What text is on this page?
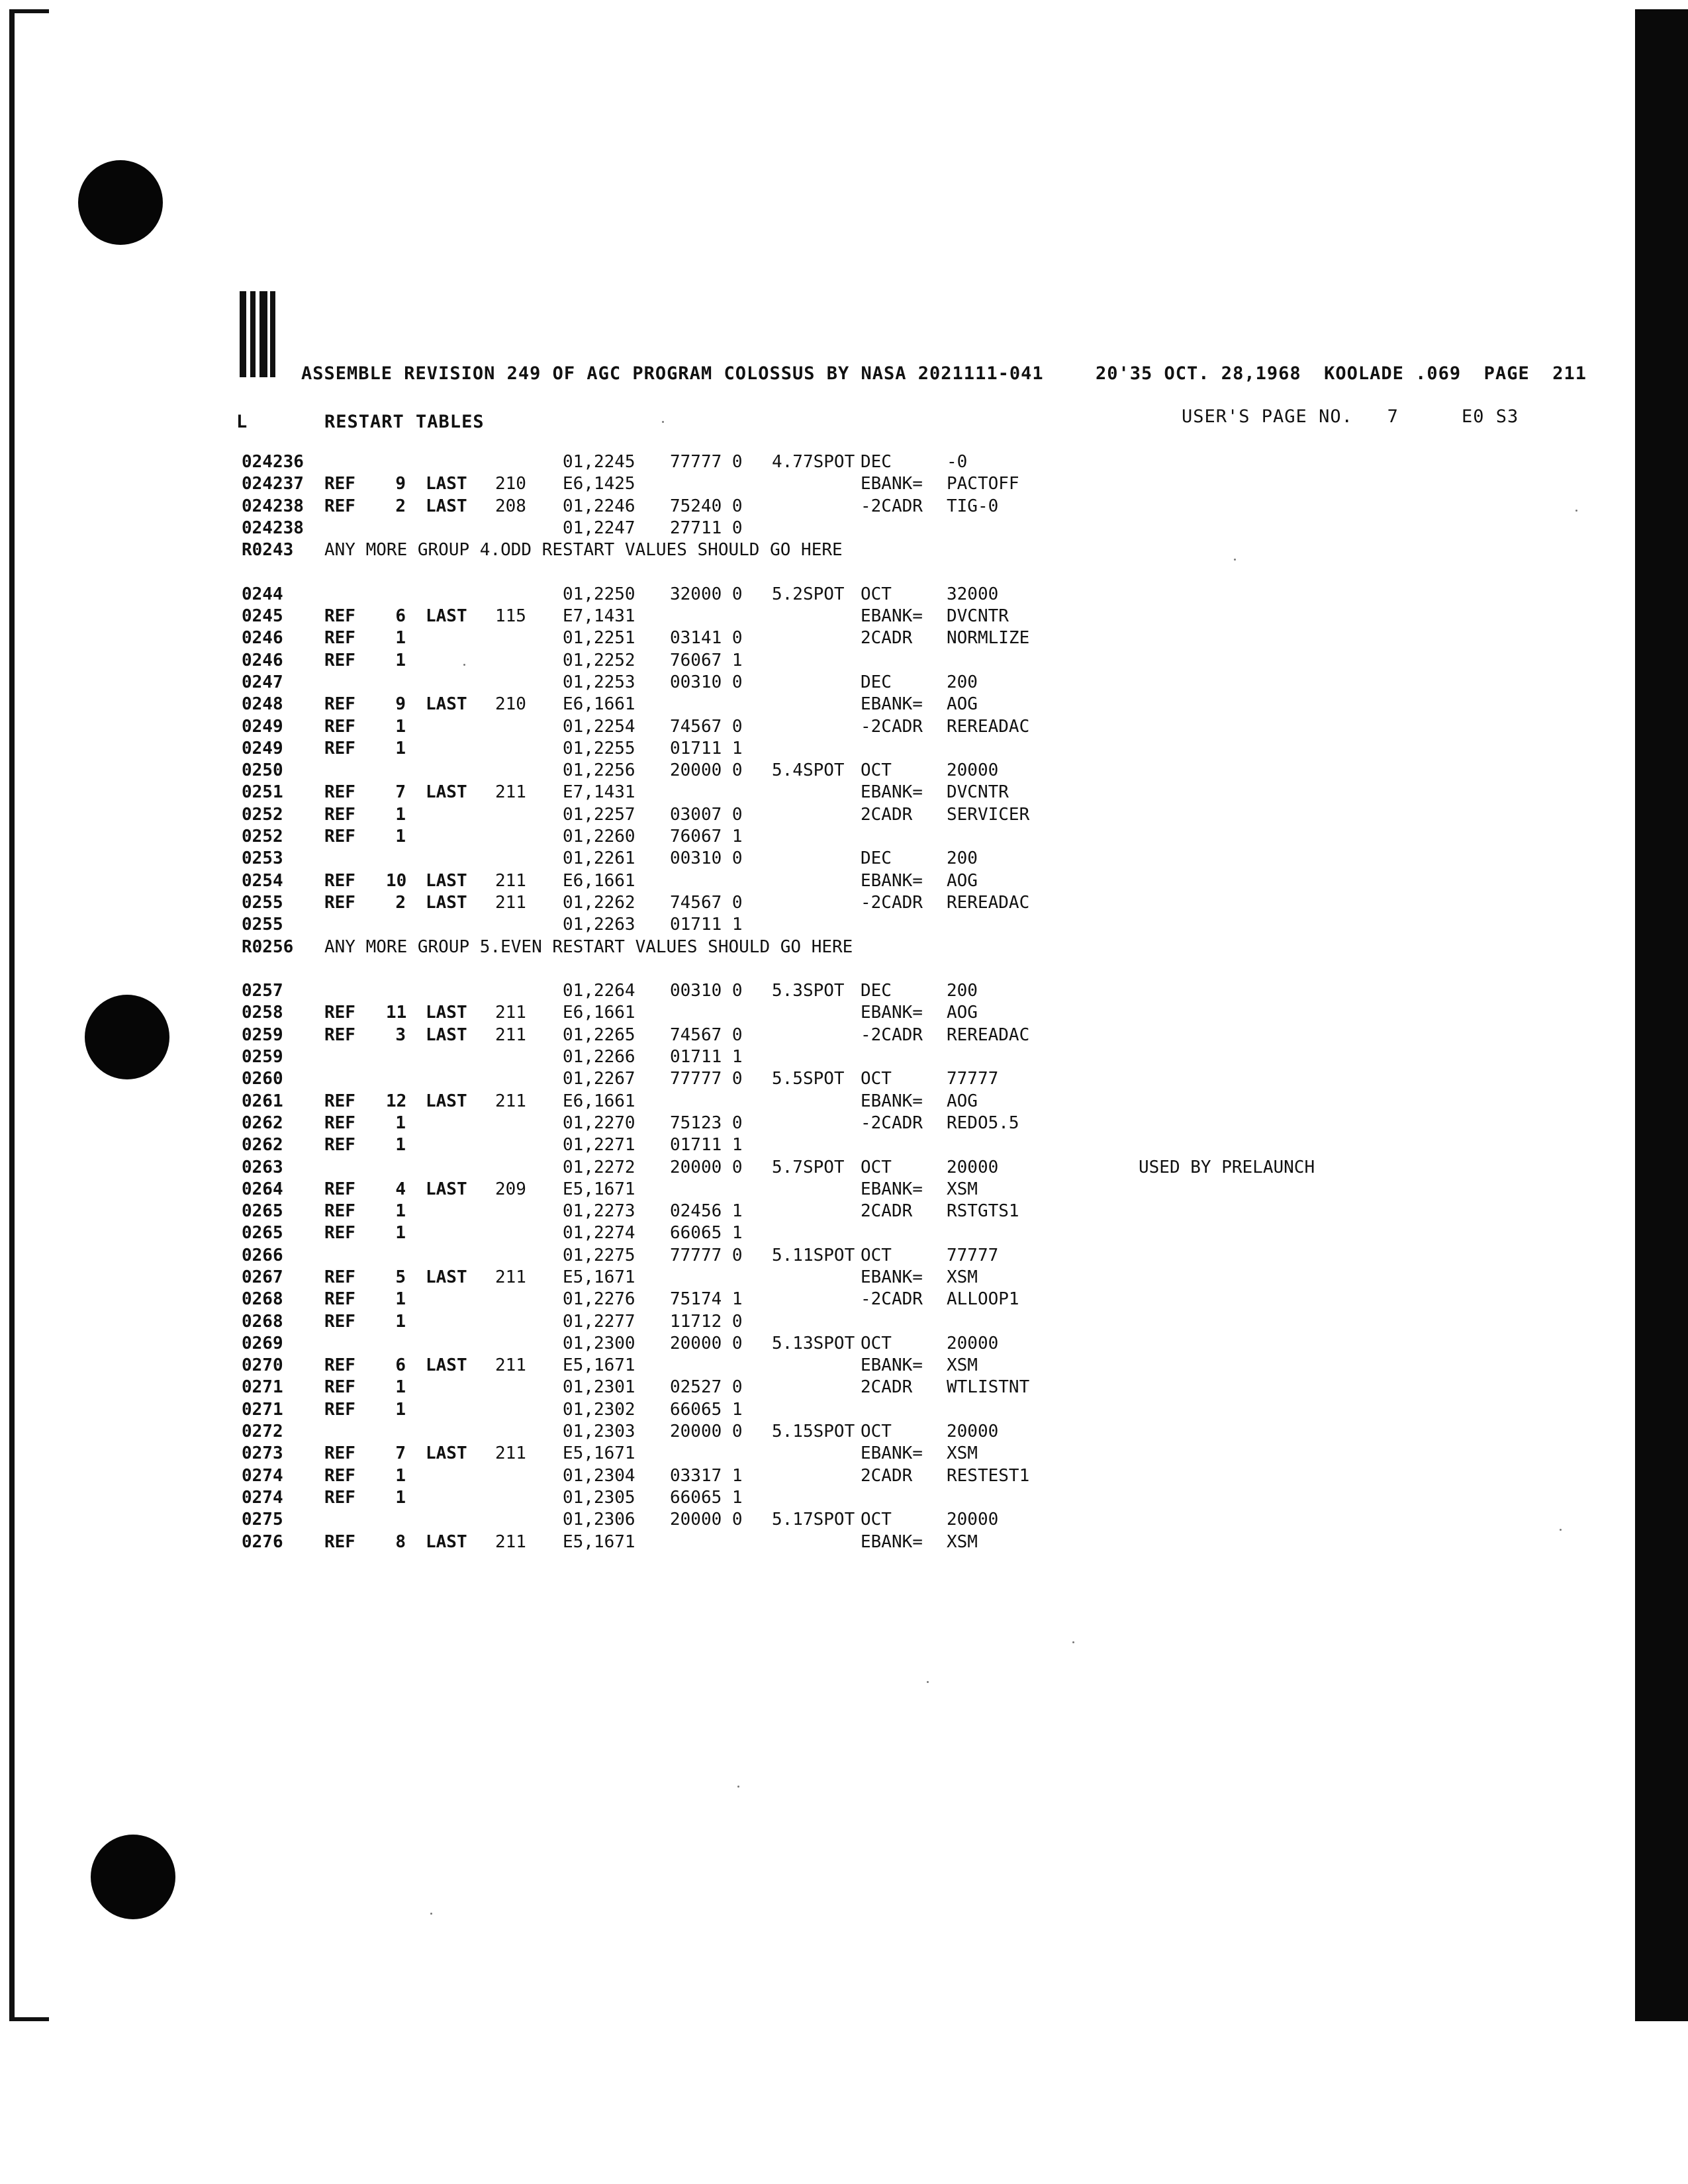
ASSEMBLE REVISION 249 OF AGC PROGRAM COLOSSUS BY NASA 2021111-041	20'35 OCT. 28,1968  KOOLADE .069  PAGE  211
L	RESTART TABLES	USER'S PAGE NO.   7	E0 S3
024236	01,2245 77777 0 4.77SPOT DEC	-0
024237 REF	9 LAST 210 E6,1425	EBANK= PACTOFF
024238 REF	2 LAST 208 01,2246 75240 0	-2CADR TIG-0
024238	01,2247 27711 0
R0243 ANY MORE GROUP 4.ODD RESTART VALUES SHOULD GO HERE
0244	01,2250 32000 0 5.2SPOT OCT	32000
0245 REF	6 LAST 115 E7,1431	EBANK= DVCNTR
0246 REF	1	01,2251 03141 0	2CADR NORMLIZE
0246 REF	1	01,2252 76067 1
0247	01,2253 00310 0	DEC	200
0248 REF	9 LAST 210 E6,1661	EBANK= AOG
0249 REF	1	01,2254 74567 0	-2CADR REREADAC
0249 REF	1	01,2255 01711 1
0250	01,2256 20000 0 5.4SPOT OCT	20000
0251 REF	7 LAST 211 E7,1431	EBANK= DVCNTR
0252 REF	1	01,2257 03007 0	2CADR SERVICER
0252 REF	1	01,2260 76067 1
0253	01,2261 00310 0	DEC	200
0254 REF 10 LAST 211 E6,1661	EBANK= AOG
0255 REF	2 LAST 211 01,2262 74567 0	-2CADR REREADAC
0255	01,2263 01711 1
R0256 ANY MORE GROUP 5.EVEN RESTART VALUES SHOULD GO HERE
0257	01,2264 00310 0 5.3SPOT DEC	200
0258 REF 11 LAST 211 E6,1661	EBANK= AOG
0259 REF	3 LAST 211 01,2265 74567 0	-2CADR REREADAC
0259	01,2266 01711 1
0260	01,2267 77777 0 5.5SPOT OCT	77777
0261 REF 12 LAST 211 E6,1661	EBANK= AOG
0262 REF	1	01,2270 75123 0	-2CADR REDO5.5
0262 REF	1	01,2271 01711 1
0263	01,2272 20000 0 5.7SPOT OCT	20000	USED BY PRELAUNCH
0264 REF	4 LAST 209 E5,1671	EBANK= XSM
0265 REF	1	01,2273 02456 1	2CADR RSTGTS1
0265 REF	1	01,2274 66065 1
0266	01,2275 77777 0 5.11SPOT OCT	77777
0267 REF	5 LAST 211 E5,1671	EBANK= XSM
0268 REF	1	01,2276 75174 1	-2CADR ALLOOP1
0268 REF	1	01,2277 11712 0
0269	01,2300 20000 0 5.13SPOT OCT	20000
0270 REF	6 LAST 211 E5,1671	EBANK= XSM
0271 REF	1	01,2301 02527 0	2CADR WTLISTNT
0271 REF	1	01,2302 66065 1
0272	01,2303 20000 0 5.15SPOT OCT	20000
0273 REF	7 LAST 211 E5,1671	EBANK= XSM
0274 REF	1	01,2304 03317 1	2CADR RESTEST1
0274 REF	1	01,2305 66065 1
0275	01,2306 20000 0 5.17SPOT OCT	20000
0276 REF	8 LAST 211 E5,1671	EBANK= XSM
